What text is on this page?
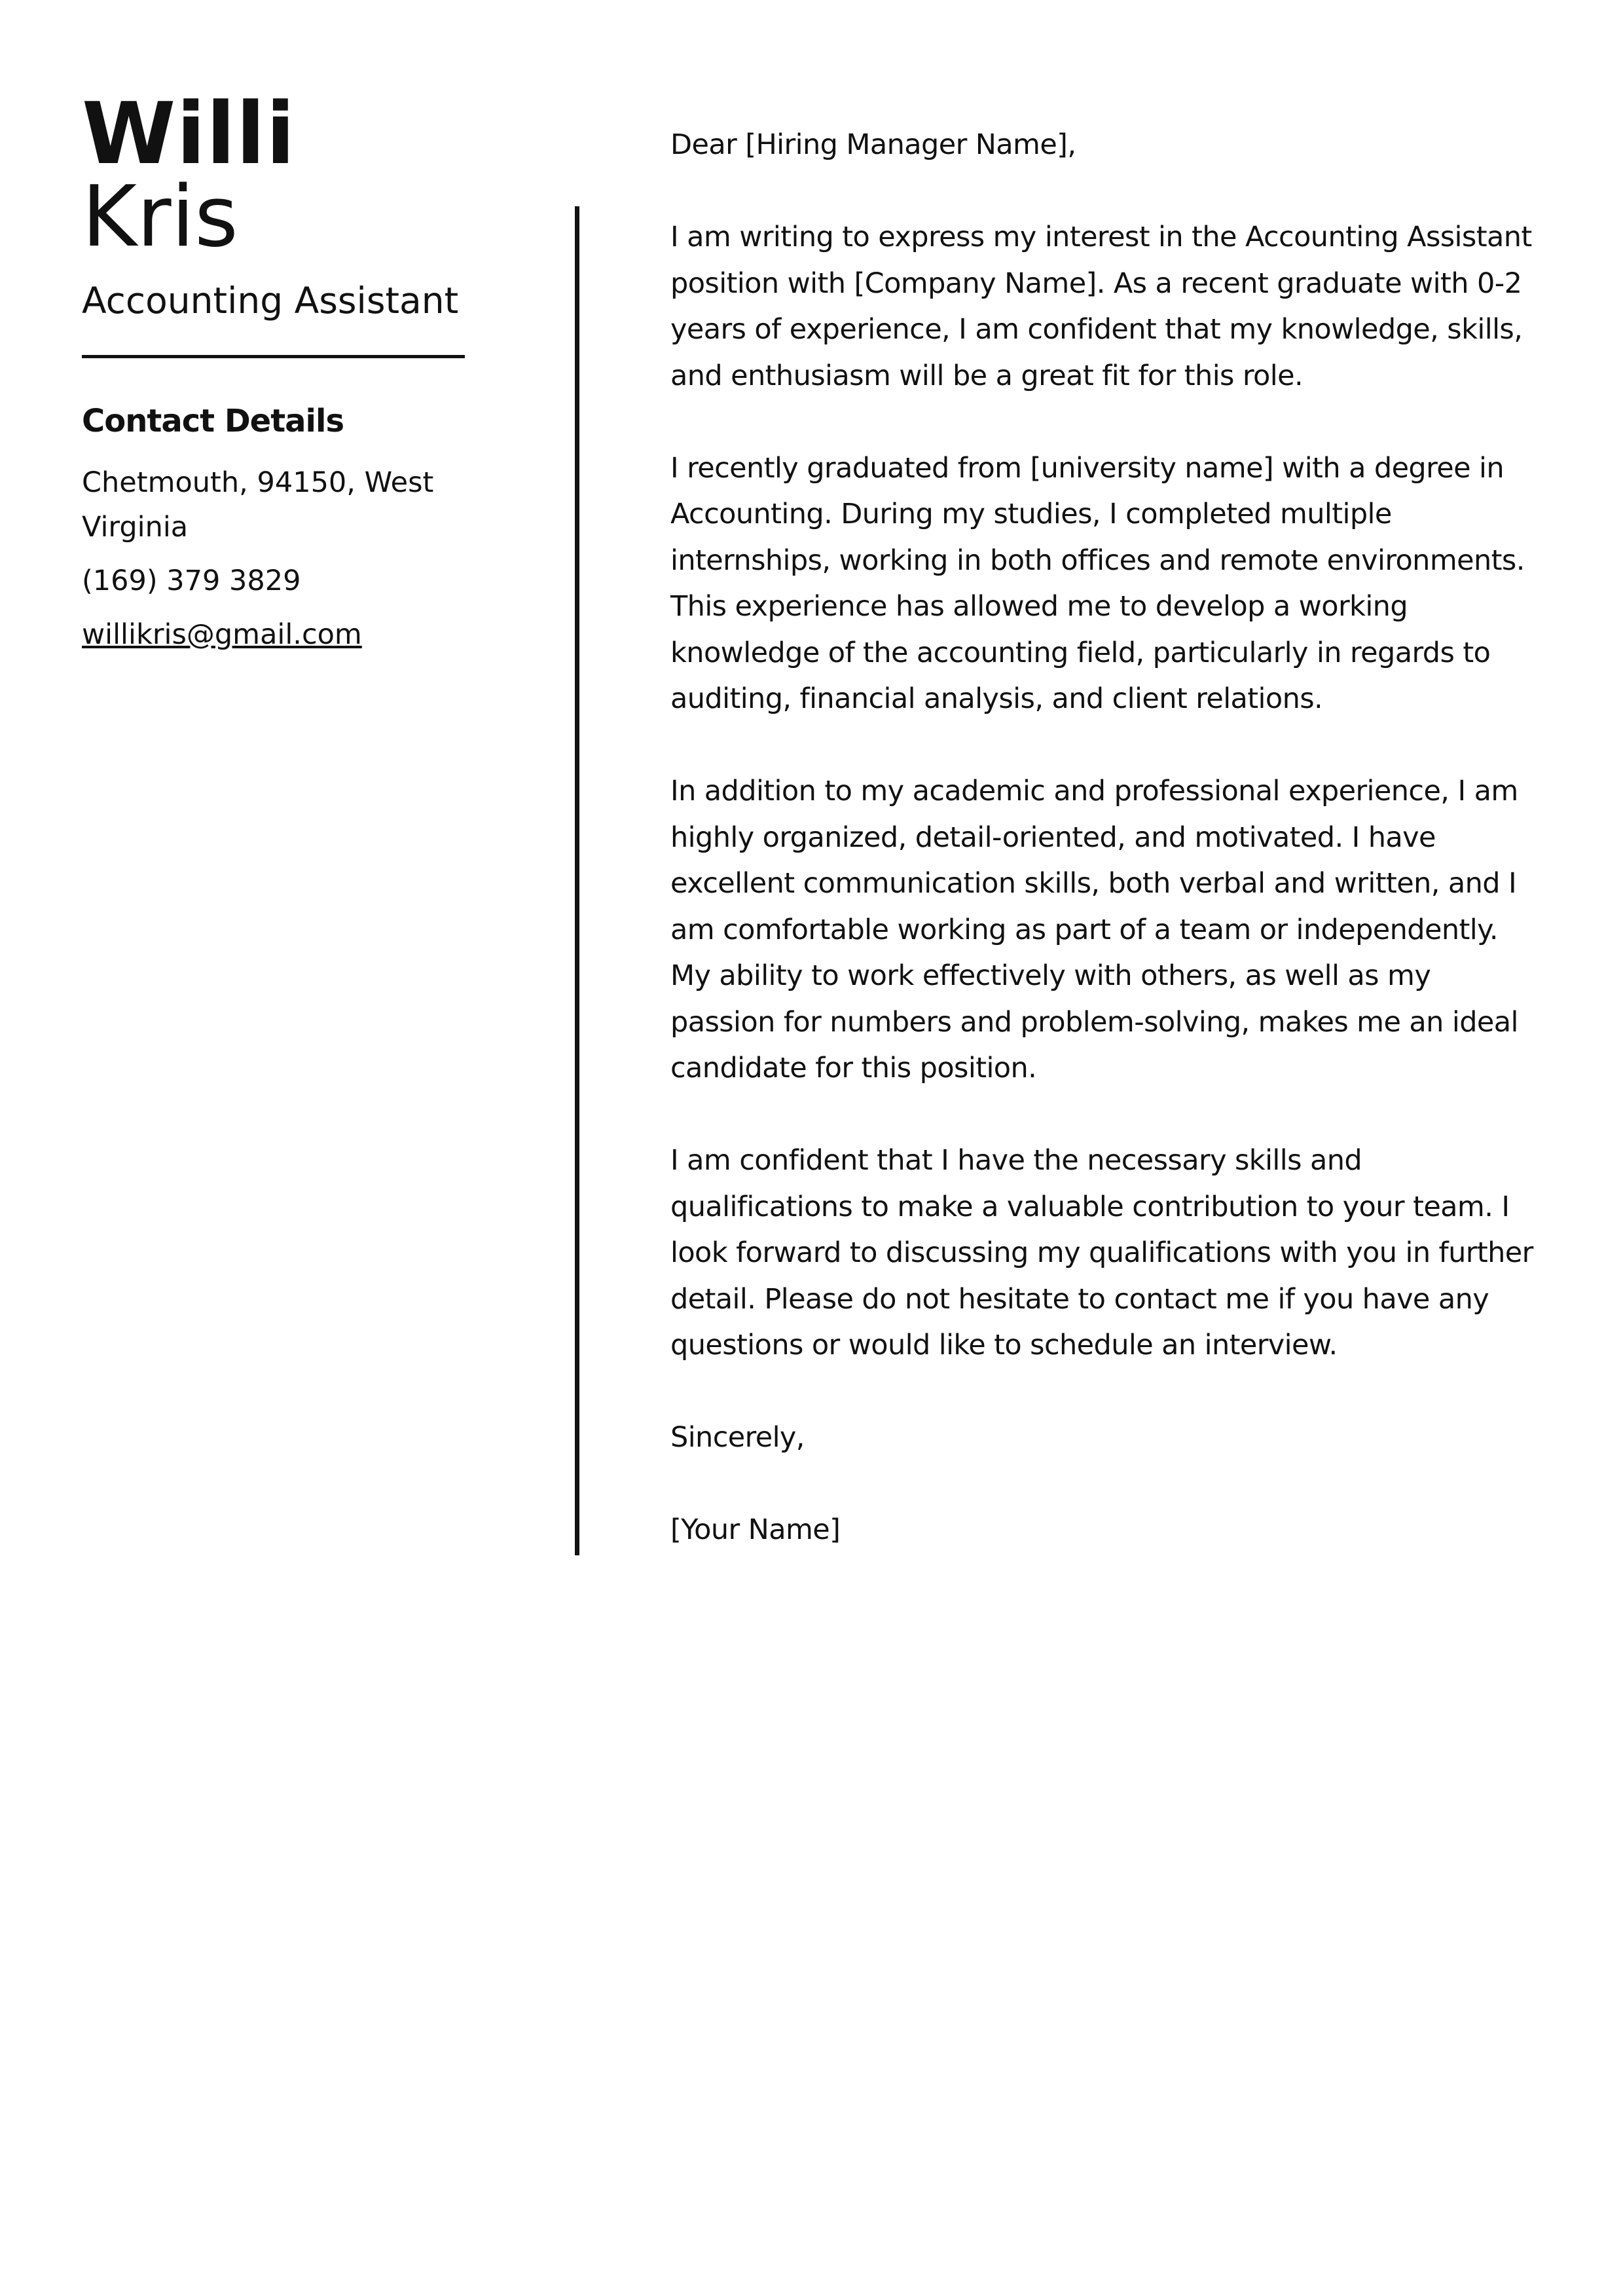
Willi
Kris
Accounting Assistant
Contact Details
Chetmouth, 94150, West Virginia
(169) 379 3829
willikris@gmail.com

Dear [Hiring Manager Name],

I am writing to express my interest in the Accounting Assistant position with [Company Name]. As a recent graduate with 0-2 years of experience, I am confident that my knowledge, skills, and enthusiasm will be a great fit for this role.

I recently graduated from [university name] with a degree in Accounting. During my studies, I completed multiple internships, working in both offices and remote environments. This experience has allowed me to develop a working knowledge of the accounting field, particularly in regards to auditing, financial analysis, and client relations.

In addition to my academic and professional experience, I am highly organized, detail-oriented, and motivated. I have excellent communication skills, both verbal and written, and I am comfortable working as part of a team or independently. My ability to work effectively with others, as well as my passion for numbers and problem-solving, makes me an ideal candidate for this position.

I am confident that I have the necessary skills and qualifications to make a valuable contribution to your team. I look forward to discussing my qualifications with you in further detail. Please do not hesitate to contact me if you have any questions or would like to schedule an interview.

Sincerely,

[Your Name]
